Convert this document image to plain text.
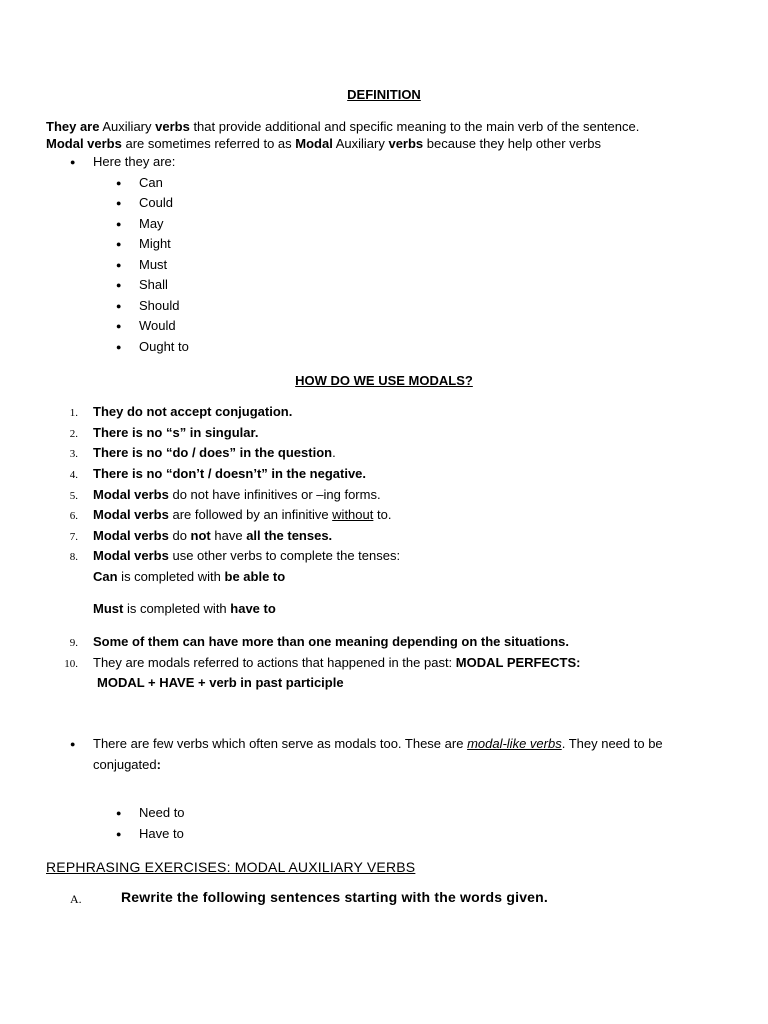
DEFINITION
They are Auxiliary verbs that provide additional and specific meaning to the main verb of the sentence.
Modal verbs are sometimes referred to as Modal Auxiliary verbs because they help other verbs
● Here they are:
● Can
● Could
● May
● Might
● Must
● Shall
● Should
● Would
● Ought to
HOW DO WE USE MODALS?
1. They do not accept conjugation.
2. There is no “s” in singular.
3. There is no “do / does” in the question.
4. There is no “don’t / doesn’t” in the negative.
5. Modal verbs do not have infinitives or –ing forms.
6. Modal verbs are followed by an infinitive without to.
7. Modal verbs do not have all the tenses.
8. Modal verbs use other verbs to complete the tenses:
Can is completed with be able to
Must is completed with have to
9. Some of them can have more than one meaning depending on the situations.
10. They are modals referred to actions that happened in the past: MODAL PERFECTS:
MODAL + HAVE + verb in past participle
● There are few verbs which often serve as modals too. These are modal-like verbs. They need to be
conjugated:
● Need to
● Have to
REPHRASING EXERCISES: MODAL AUXILIARY VERBS
A.	Rewrite the following sentences starting with the words given.
